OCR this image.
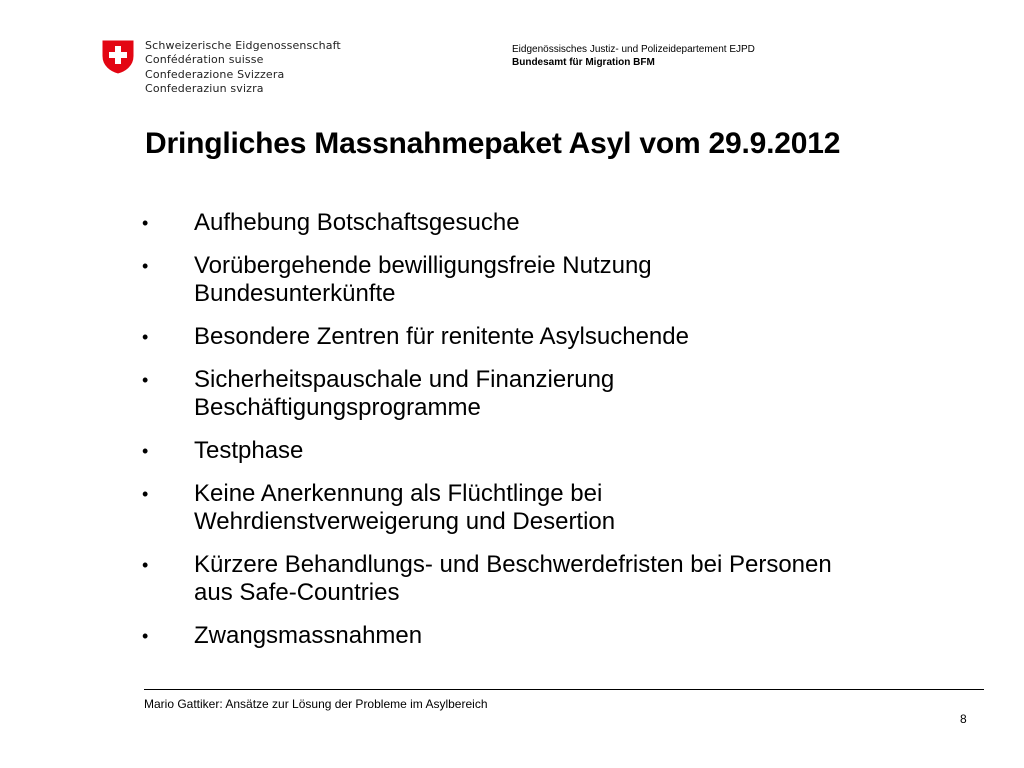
Schweizerische Eidgenossenschaft
Confédération suisse
Confederazione Svizzera
Confederaziun svizra
Eidgenössisches Justiz- und Polizeidepartement EJPD
Bundesamt für Migration BFM
Dringliches Massnahmepaket Asyl vom 29.9.2012
• Aufhebung Botschaftsgesuche
• Vorübergehende bewilligungsfreie Nutzung
Bundesunterkünfte
• Besondere Zentren für renitente Asylsuchende
• Sicherheitspauschale und Finanzierung
Beschäftigungsprogramme
• Testphase
• Keine Anerkennung als Flüchtlinge bei
Wehrdienstverweigerung und Desertion
• Kürzere Behandlungs- und Beschwerdefristen bei Personen
aus Safe-Countries
• Zwangsmassnahmen
Mario Gattiker: Ansätze zur Lösung der Probleme im Asylbereich
8
